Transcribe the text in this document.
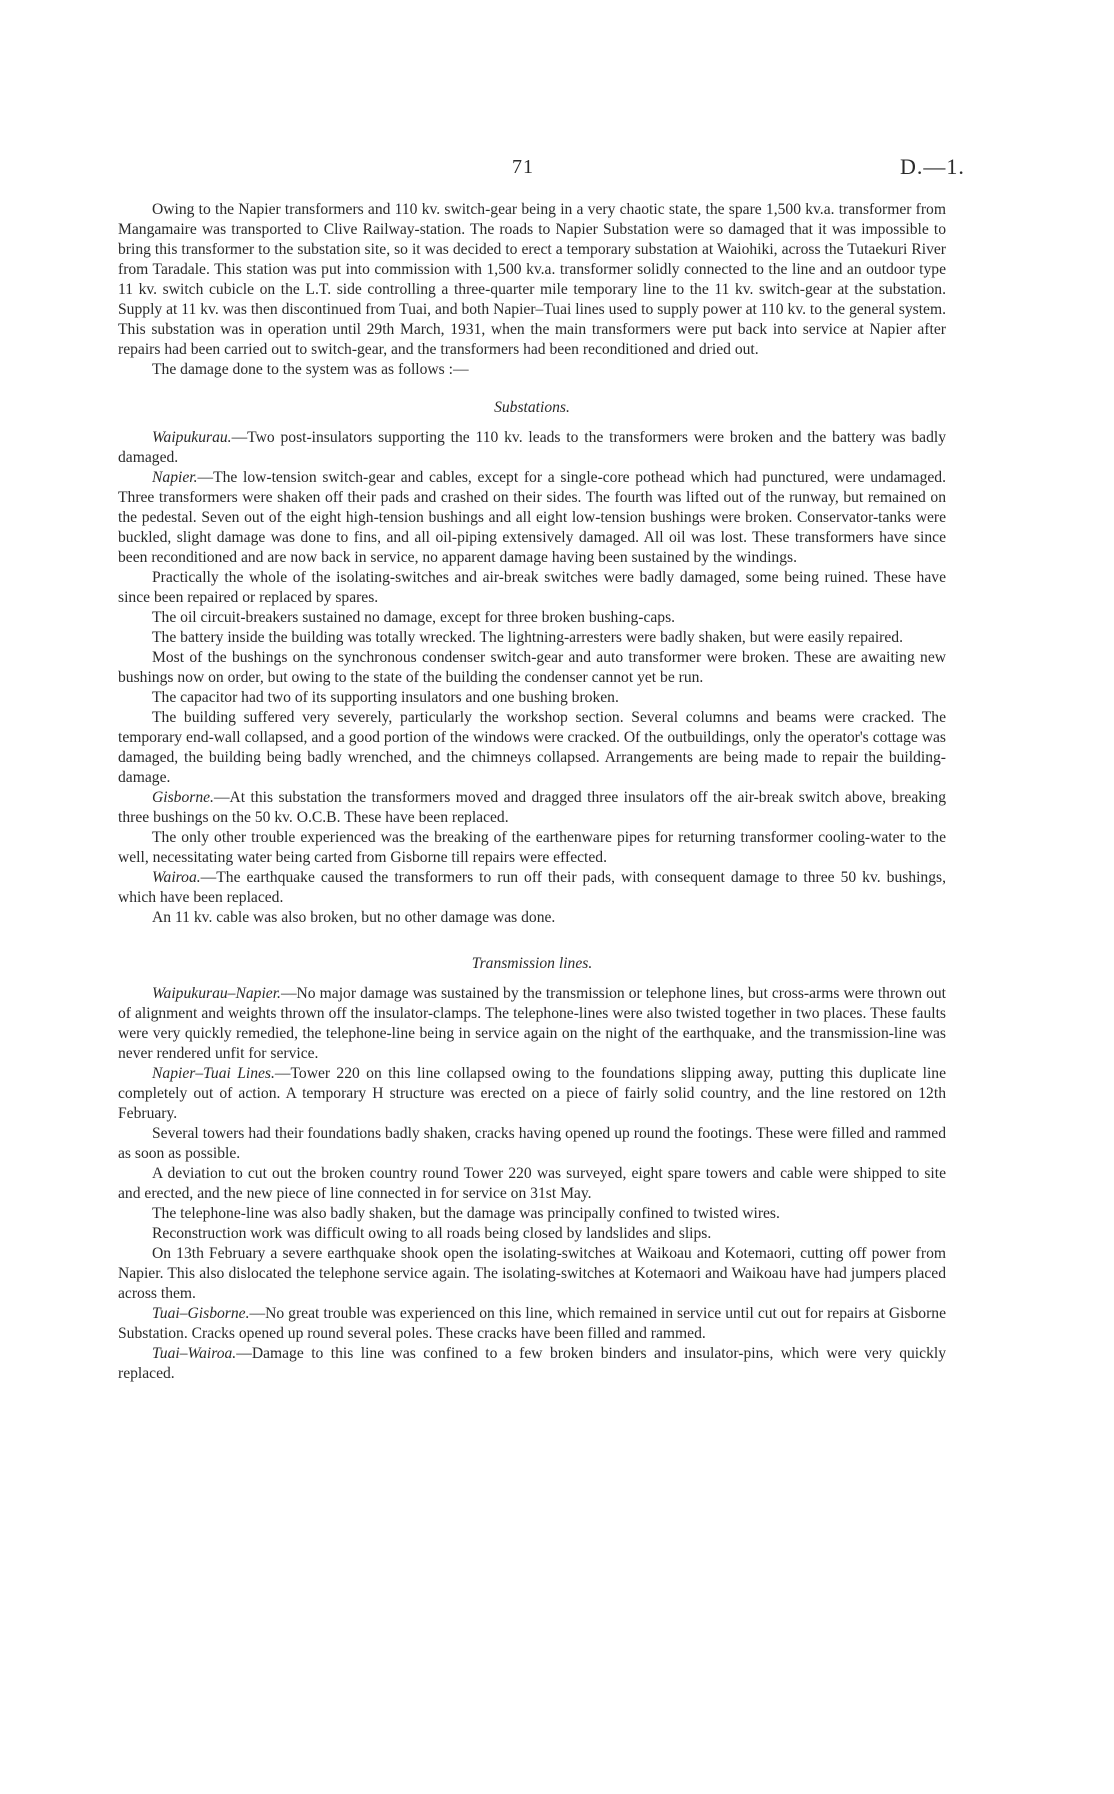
71	D.—1.

Owing to the Napier transformers and 110 kv. switch-gear being in a very chaotic state, the spare 1,500 kv.a. transformer from Mangamaire was transported to Clive Railway-station. The roads to Napier Substation were so damaged that it was impossible to bring this transformer to the substation site, so it was decided to erect a temporary substation at Waiohiki, across the Tutaekuri River from Taradale. This station was put into commission with 1,500 kv.a. transformer solidly connected to the line and an outdoor type 11 kv. switch cubicle on the L.T. side controlling a three-quarter mile temporary line to the 11 kv. switch-gear at the substation. Supply at 11 kv. was then discontinued from Tuai, and both Napier–Tuai lines used to supply power at 110 kv. to the general system. This substation was in operation until 29th March, 1931, when the main transformers were put back into service at Napier after repairs had been carried out to switch-gear, and the transformers had been reconditioned and dried out.

The damage done to the system was as follows :—

Substations.

Waipukurau.—Two post-insulators supporting the 110 kv. leads to the transformers were broken and the battery was badly damaged.

Napier.—The low-tension switch-gear and cables, except for a single-core pothead which had punctured, were undamaged. Three transformers were shaken off their pads and crashed on their sides. The fourth was lifted out of the runway, but remained on the pedestal. Seven out of the eight high-tension bushings and all eight low-tension bushings were broken. Conservator-tanks were buckled, slight damage was done to fins, and all oil-piping extensively damaged. All oil was lost. These transformers have since been reconditioned and are now back in service, no apparent damage having been sustained by the windings.

Practically the whole of the isolating-switches and air-break switches were badly damaged, some being ruined. These have since been repaired or replaced by spares.

The oil circuit-breakers sustained no damage, except for three broken bushing-caps.

The battery inside the building was totally wrecked. The lightning-arresters were badly shaken, but were easily repaired.

Most of the bushings on the synchronous condenser switch-gear and auto transformer were broken. These are awaiting new bushings now on order, but owing to the state of the building the condenser cannot yet be run.

The capacitor had two of its supporting insulators and one bushing broken.

The building suffered very severely, particularly the workshop section. Several columns and beams were cracked. The temporary end-wall collapsed, and a good portion of the windows were cracked. Of the outbuildings, only the operator's cottage was damaged, the building being badly wrenched, and the chimneys collapsed. Arrangements are being made to repair the building-damage.

Gisborne.—At this substation the transformers moved and dragged three insulators off the air-break switch above, breaking three bushings on the 50 kv. O.C.B. These have been replaced.

The only other trouble experienced was the breaking of the earthenware pipes for returning transformer cooling-water to the well, necessitating water being carted from Gisborne till repairs were effected.

Wairoa.—The earthquake caused the transformers to run off their pads, with consequent damage to three 50 kv. bushings, which have been replaced.

An 11 kv. cable was also broken, but no other damage was done.

Transmission lines.

Waipukurau–Napier.—No major damage was sustained by the transmission or telephone lines, but cross-arms were thrown out of alignment and weights thrown off the insulator-clamps. The telephone-lines were also twisted together in two places. These faults were very quickly remedied, the telephone-line being in service again on the night of the earthquake, and the transmission-line was never rendered unfit for service.

Napier–Tuai Lines.—Tower 220 on this line collapsed owing to the foundations slipping away, putting this duplicate line completely out of action. A temporary H structure was erected on a piece of fairly solid country, and the line restored on 12th February.

Several towers had their foundations badly shaken, cracks having opened up round the footings. These were filled and rammed as soon as possible.

A deviation to cut out the broken country round Tower 220 was surveyed, eight spare towers and cable were shipped to site and erected, and the new piece of line connected in for service on 31st May.

The telephone-line was also badly shaken, but the damage was principally confined to twisted wires.

Reconstruction work was difficult owing to all roads being closed by landslides and slips.

On 13th February a severe earthquake shook open the isolating-switches at Waikoau and Kotemaori, cutting off power from Napier. This also dislocated the telephone service again. The isolating-switches at Kotemaori and Waikoau have had jumpers placed across them.

Tuai–Gisborne.—No great trouble was experienced on this line, which remained in service until cut out for repairs at Gisborne Substation. Cracks opened up round several poles. These cracks have been filled and rammed.

Tuai–Wairoa.—Damage to this line was confined to a few broken binders and insulator-pins, which were very quickly replaced.
